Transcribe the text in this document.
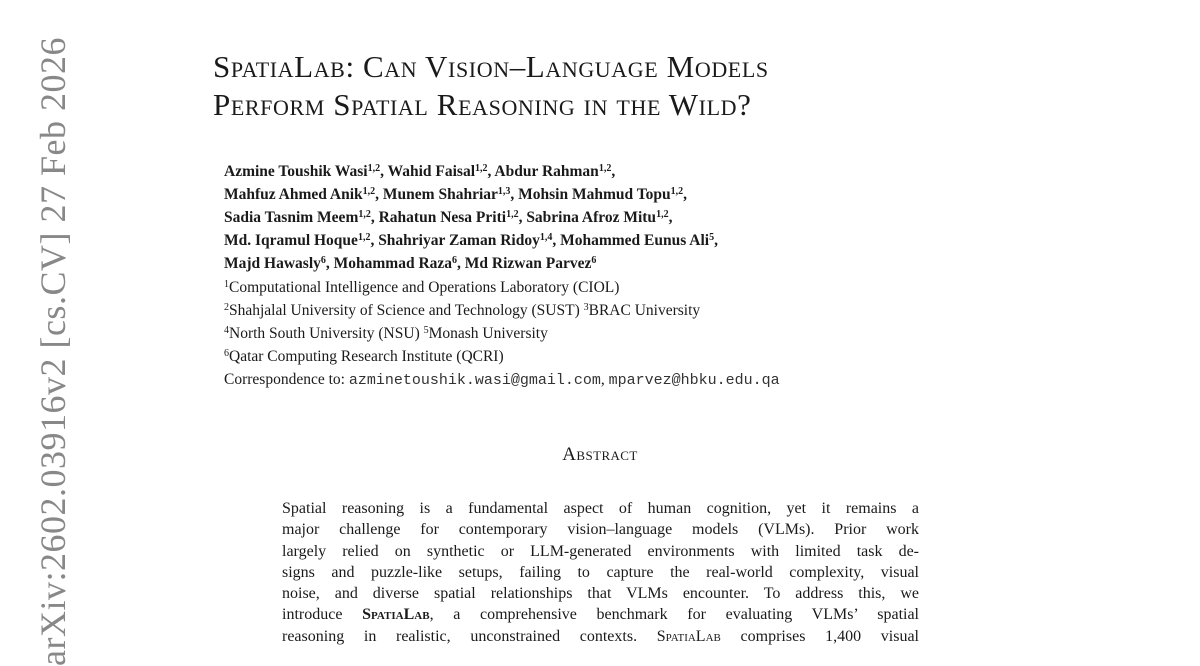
arXiv:2602.03916v2 [cs.CV] 27 Feb 2026	SpatiaLab: Can Vision–Language Models
Perform Spatial Reasoning in the Wild?
Azmine Toushik Wasi$^{1,2}$, Wahid Faisal$^{1,2}$, Abdur Rahman$^{1,2}$,
Mahfuz Ahmed Anik$^{1,2}$, Munem Shahriar$^{1,3}$, Mohsin Mahmud Topu$^{1,2}$,
Sadia Tasnim Meem$^{1,2}$, Rahatun Nesa Priti$^{1,2}$, Sabrina Afroz Mitu$^{1,2}$,
Md. Iqramul Hoque$^{1,2}$, Shahriyar Zaman Ridoy$^{1,4}$, Mohammed Eunus Ali$^5$,
Majd Hawasly$^6$, Mohammad Raza$^6$, Md Rizwan Parvez$^6$
$^1$Computational Intelligence and Operations Laboratory (CIOL)
$^2$Shahjalal University of Science and Technology (SUST) $^3$BRAC University
$^4$North South University (NSU) $^5$Monash University
$^6$Qatar Computing Research Institute (QCRI)
Correspondence to: azminetoushik.wasi@gmail.com, mparvez@hbku.edu.qa
Abstract
Spatial reasoning is a fundamental aspect of human cognition, yet it remains a
major challenge for contemporary vision–language models (VLMs). Prior work
largely relied on synthetic or LLM-generated environments with limited task de-
signs and puzzle-like setups, failing to capture the real-world complexity, visual
noise, and diverse spatial relationships that VLMs encounter. To address this, we
introduce SpatiaLab, a comprehensive benchmark for evaluating VLMs’ spatial
reasoning in realistic, unconstrained contexts. SpatiaLab comprises 1,400 visual
